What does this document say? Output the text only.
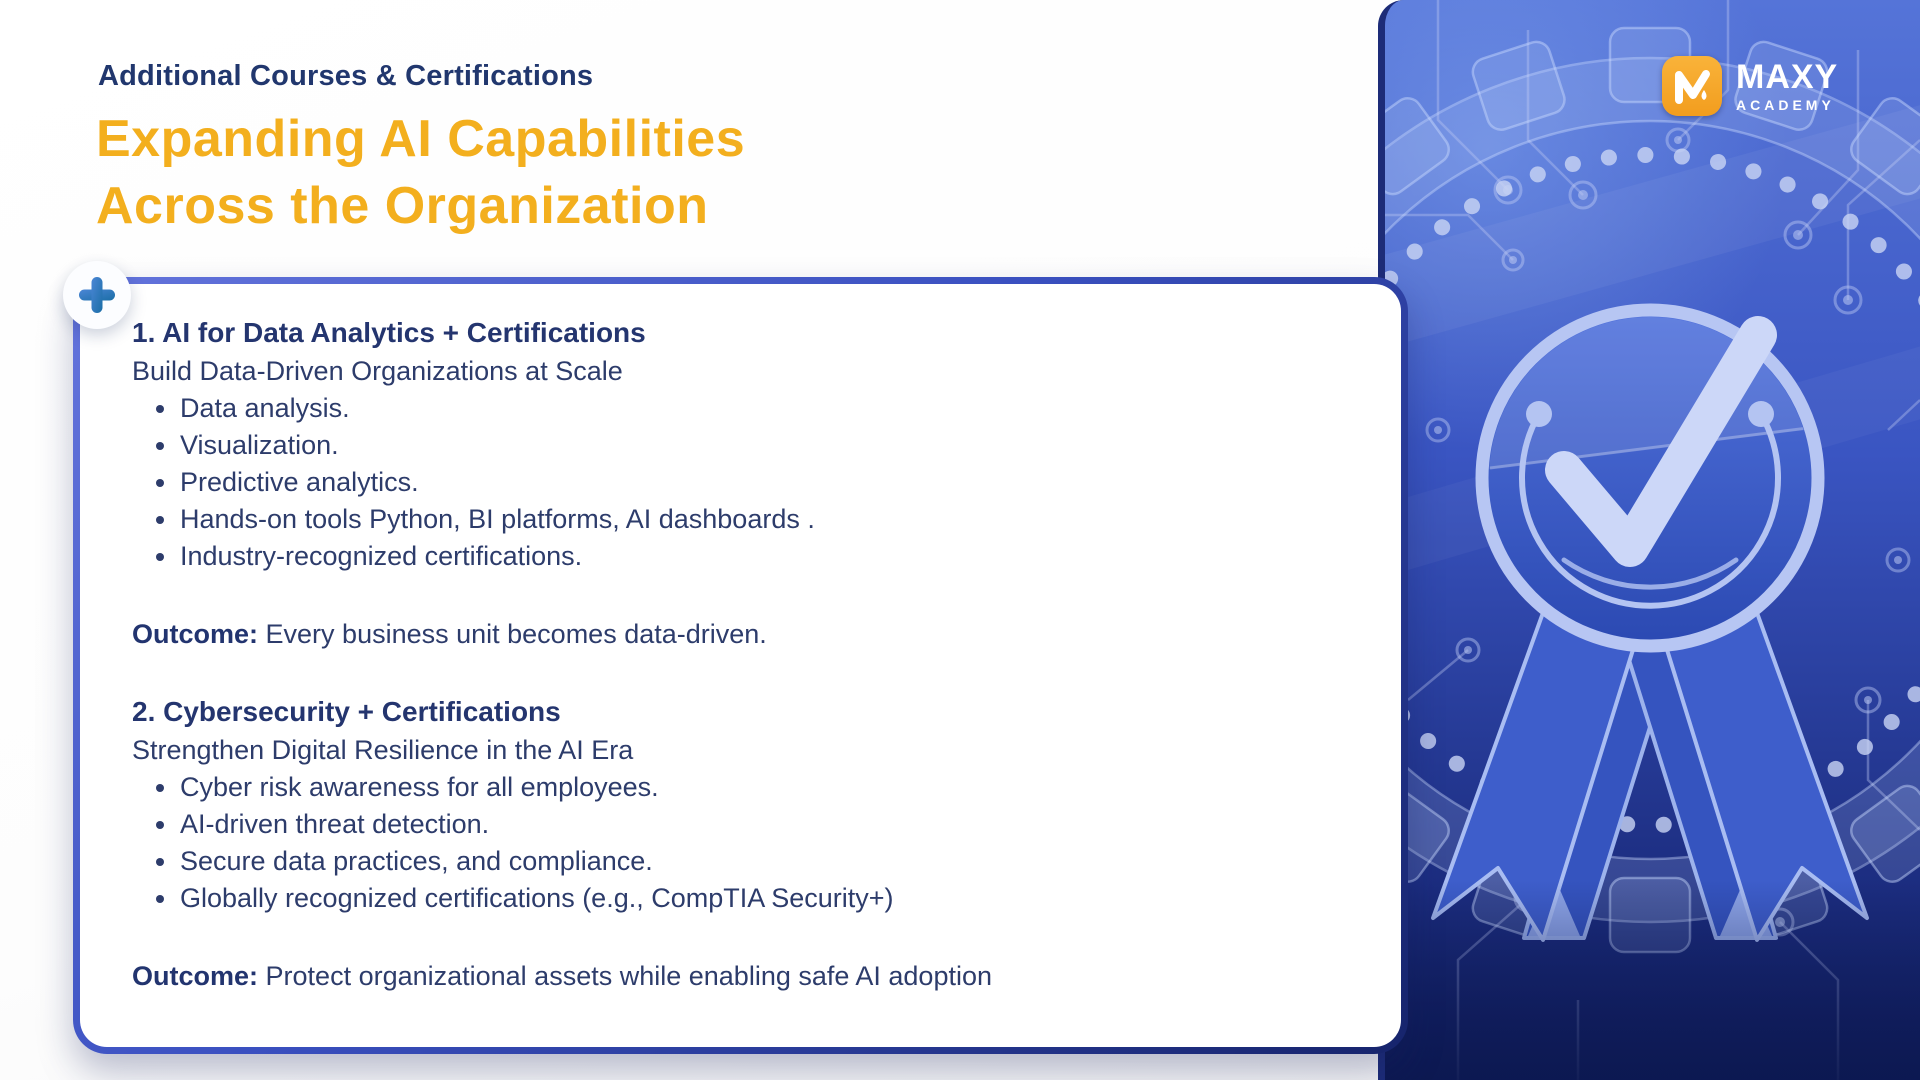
Additional Courses & Certifications
Expanding AI Capabilities
Across the Organization
MAXY
ACADEMY
1. AI for Data Analytics + Certifications
Build Data-Driven Organizations at Scale
Data analysis.
Visualization.
Predictive analytics.
Hands-on tools Python, BI platforms, AI dashboards .
Industry-recognized certifications.
Outcome: Every business unit becomes data-driven.
2. Cybersecurity + Certifications
Strengthen Digital Resilience in the AI Era
Cyber risk awareness for all employees.
AI-driven threat detection.
Secure data practices, and compliance.
Globally recognized certifications (e.g., CompTIA Security+)
Outcome: Protect organizational assets while enabling safe AI adoption
